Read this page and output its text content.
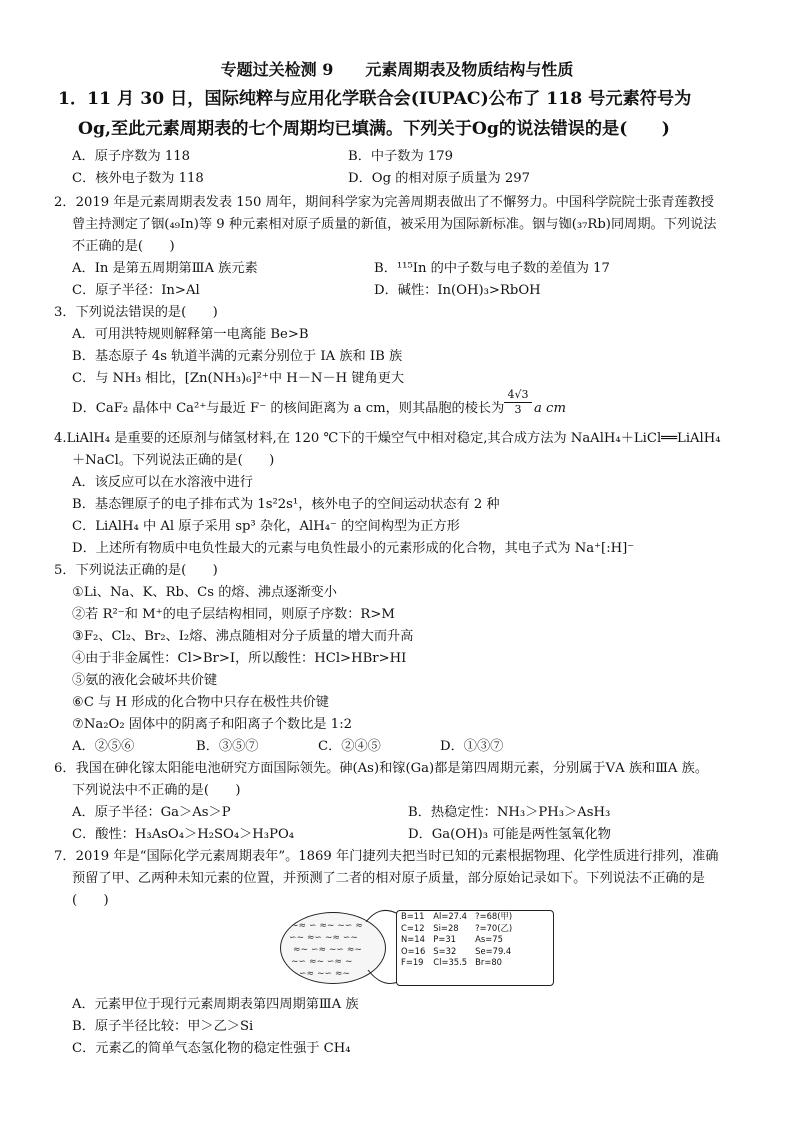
专题过关检测 9　　元素周期表及物质结构与性质
1．11 月 30 日，国际纯粹与应用化学联合会(IUPAC)公布了 118 号元素符号为
Og,至此元素周期表的七个周期均已填满。下列关于Og的说法错误的是(　　)
A．原子序数为 118	B．中子数为 179
C．核外电子数为 118	D．Og 的相对原子质量为 297
2．2019 年是元素周期表发表 150 周年，期间科学家为完善周期表做出了不懈努力。中国科学院院士张青莲教授
曾主持测定了铟(₄₉In)等 9 种元素相对原子质量的新值，被采用为国际新标准。铟与铷(₃₇Rb)同周期。下列说法
不正确的是(　　)
A．In 是第五周期第ⅢA 族元素	B．¹¹⁵In 的中子数与电子数的差值为 17
C．原子半径：In>Al	D．碱性：In(OH)₃>RbOH
3．下列说法错误的是(　　)
A．可用洪特规则解释第一电离能 Be>B
B．基态原子 4s 轨道半满的元素分别位于 ⅠA 族和 ⅠB 族
C．与 NH₃ 相比，[Zn(NH₃)₆]²⁺中 H－N－H 键角更大
D．CaF₂ 晶体中 Ca²⁺与最近 F⁻ 的核间距离为 a cm，则其晶胞的棱长为 $\frac{4√3}{3}$ a cm
4.LiAlH₄ 是重要的还原剂与储氢材料,在 120 ℃下的干燥空气中相对稳定,其合成方法为 NaAlH₄＋LiCl══LiAlH₄
＋NaCl。下列说法正确的是(　　)
A．该反应可以在水溶液中进行
B．基态锂原子的电子排布式为 1s²2s¹，核外电子的空间运动状态有 2 种
C．LiAlH₄ 中 Al 原子采用 sp³ 杂化，AlH₄⁻ 的空间构型为正方形
D．上述所有物质中电负性最大的元素与电负性最小的元素形成的化合物，其电子式为 Na⁺[:H]⁻
5．下列说法正确的是(　　)
①Li、Na、K、Rb、Cs 的熔、沸点逐渐变小
②若 R²⁻和 M⁺的电子层结构相同，则原子序数：R>M
③F₂、Cl₂、Br₂、I₂熔、沸点随相对分子质量的增大而升高
④由于非金属性：Cl>Br>I，所以酸性：HCl>HBr>HI
⑤氨的液化会破坏共价键
⑥C 与 H 形成的化合物中只存在极性共价键
⑦Na₂O₂ 固体中的阴离子和阳离子个数比是 1:2
A．②⑤⑥	B．③⑤⑦	C．②④⑤	D．①③⑦
6．我国在砷化镓太阳能电池研究方面国际领先。砷(As)和镓(Ga)都是第四周期元素，分别属于ⅤA 族和ⅢA 族。
下列说法中不正确的是(　　)
A．原子半径：Ga＞As＞P	B．热稳定性：NH₃＞PH₃＞AsH₃
C．酸性：H₃AsO₄＞H₂SO₄＞H₃PO₄	D．Ga(OH)₃ 可能是两性氢氧化物
7．2019 年是“国际化学元素周期表年”。1869 年门捷列夫把当时已知的元素根据物理、化学性质进行排列，准确
预留了甲、乙两种未知元素的位置，并预测了二者的相对原子质量，部分原始记录如下。下列说法不正确的是
(　　)
~≈ ∽ ≈~ ~∽ ≈
∽~ ≈∽ ~≈ ∽~
≈~ ∽≈ ~∽ ≈~
~∽ ≈~ ∽≈ ~
∽≈ ~∽ ≈~
B=11	Al=27.4	?=68(甲)
C=12	Si=28	?=70(乙)
N=14	P=31	As=75
O=16	S=32	Se=79.4
F=19	Cl=35.5	Br=80
A．元素甲位于现行元素周期表第四周期第ⅢA 族
B．原子半径比较：甲＞乙＞Si
C．元素乙的简单气态氢化物的稳定性强于 CH₄
